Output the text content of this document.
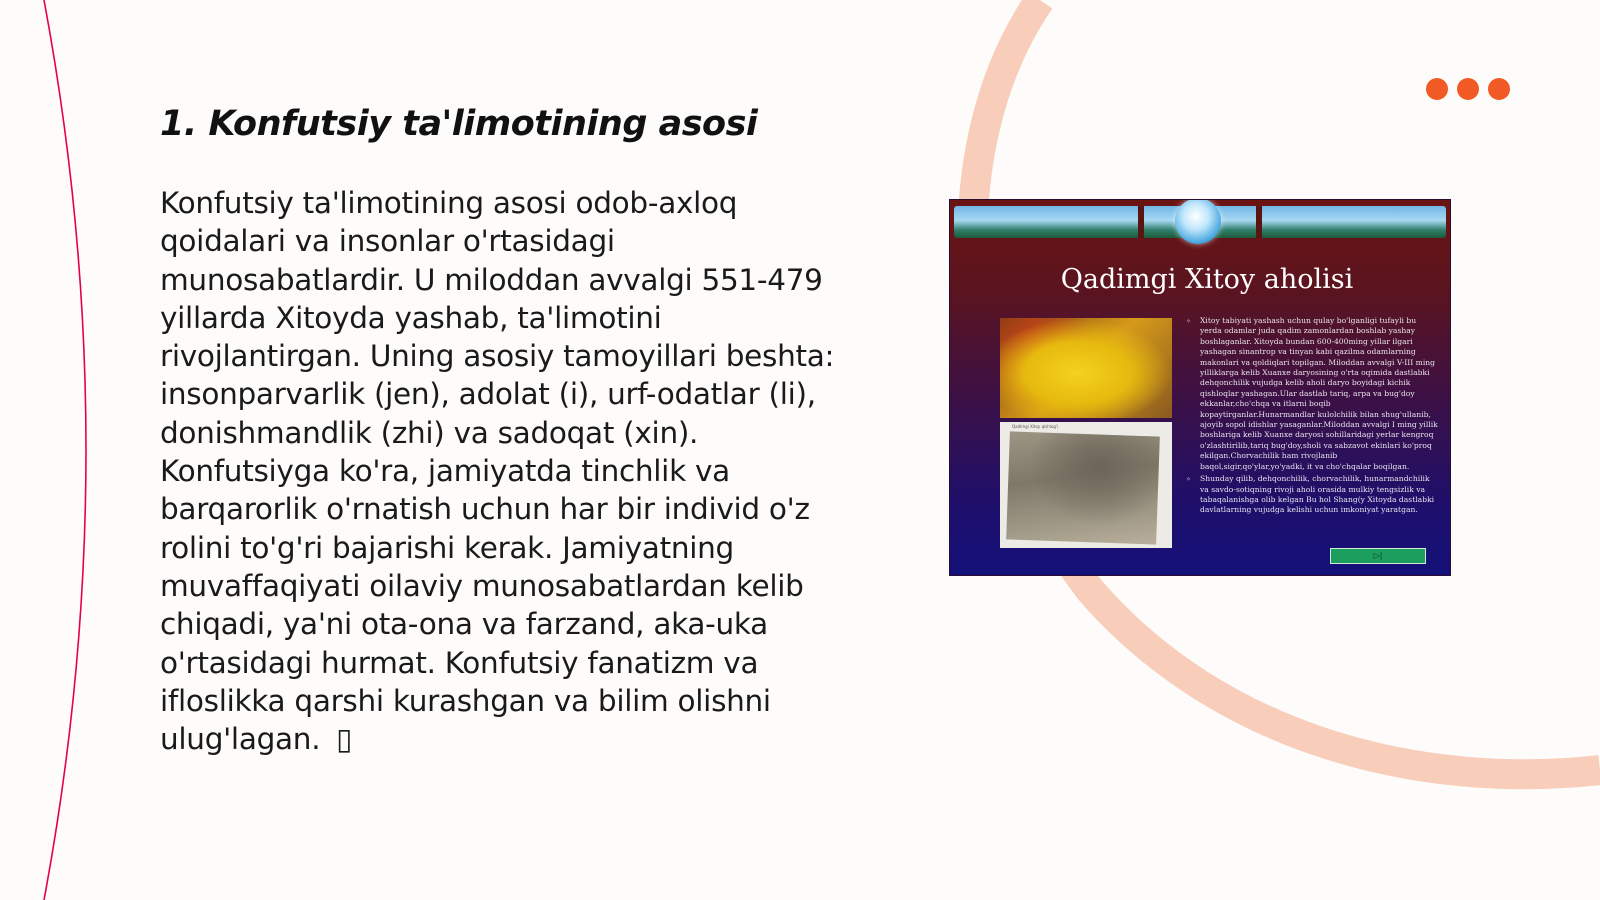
1. Konfutsiy ta'limotining asosi

Konfutsiy ta'limotining asosi odob-axloq qoidalari va insonlar o'rtasidagi munosabatlardir. U miloddan avvalgi 551-479 yillarda Xitoyda yashab, ta'limotini rivojlantirgan. Uning asosiy tamoyillari beshta: insonparvarlik (jen), adolat (i), urf-odatlar (li), donishmandlik (zhi) va sadoqat (xin). Konfutsiyga ko'ra, jamiyatda tinchlik va barqarorlik o'rnatish uchun har bir individ o'z rolini to'g'ri bajarishi kerak. Jamiyatning muvaffaqiyati oilaviy munosabatlardan kelib chiqadi, ya'ni ota-ona va farzand, aka-uka o'rtasidagi hurmat. Konfutsiy fanatizm va ifloslikka qarshi kurashgan va bilim olishni ulug'lagan. ▯

Qadimgi Xitoy aholisi
Qadimgi Xitoy qishlog'i
✧ Xitoy tabiyati yashash uchun qulay bo'lganligi tufayli bu yerda odamlar juda qadim zamonlardan boshlab yashay boshlaganlar. Xitoyda bundan 600-400ming yillar ilgari yashagan sinantrop va tinyan kabi qazilma odamlarning makonlari va qoldiqlari topilgan. Miloddan avvalgi V-III ming yilliklarga kelib Xuanxe daryosining o'rta oqimida dastlabki dehqonchilik vujudga kelib aholi daryo boyidagi kichik qishloqlar yashagan.Ular dastlab tariq, arpa va bug'doy ekkanlar,cho'chqa va itlarni boqib kopaytirganlar.Hunarmandlar kulolchilik bilan shug'ullanib, ajoyib sopol idishlar yasaganlar.Miloddan avvalgi I ming yillik boshlariga kelib Xuanxe daryosi sohillaridagi yerlar kengroq o'zlashtirilib,tariq bug'doy,sholi va sabzavot ekinlari ko'proq ekilgan.Chorvachilik ham rivojlanib baqol,sigir,qo'ylar,yo'yadki, it va cho'chqalar boqilgan.
✧ Shunday qilib, dehqonchilik, chorvachilik, hunarmandchilik va savdo-sotiqning rivoji aholi orasida mulkiy tengsizlik va tabaqalanishga olib kelgan Bu hol Shang(y Xitoyda dastlabki davlatlarning vujudga kelishi uchun imkoniyat yaratgan.
▷|
